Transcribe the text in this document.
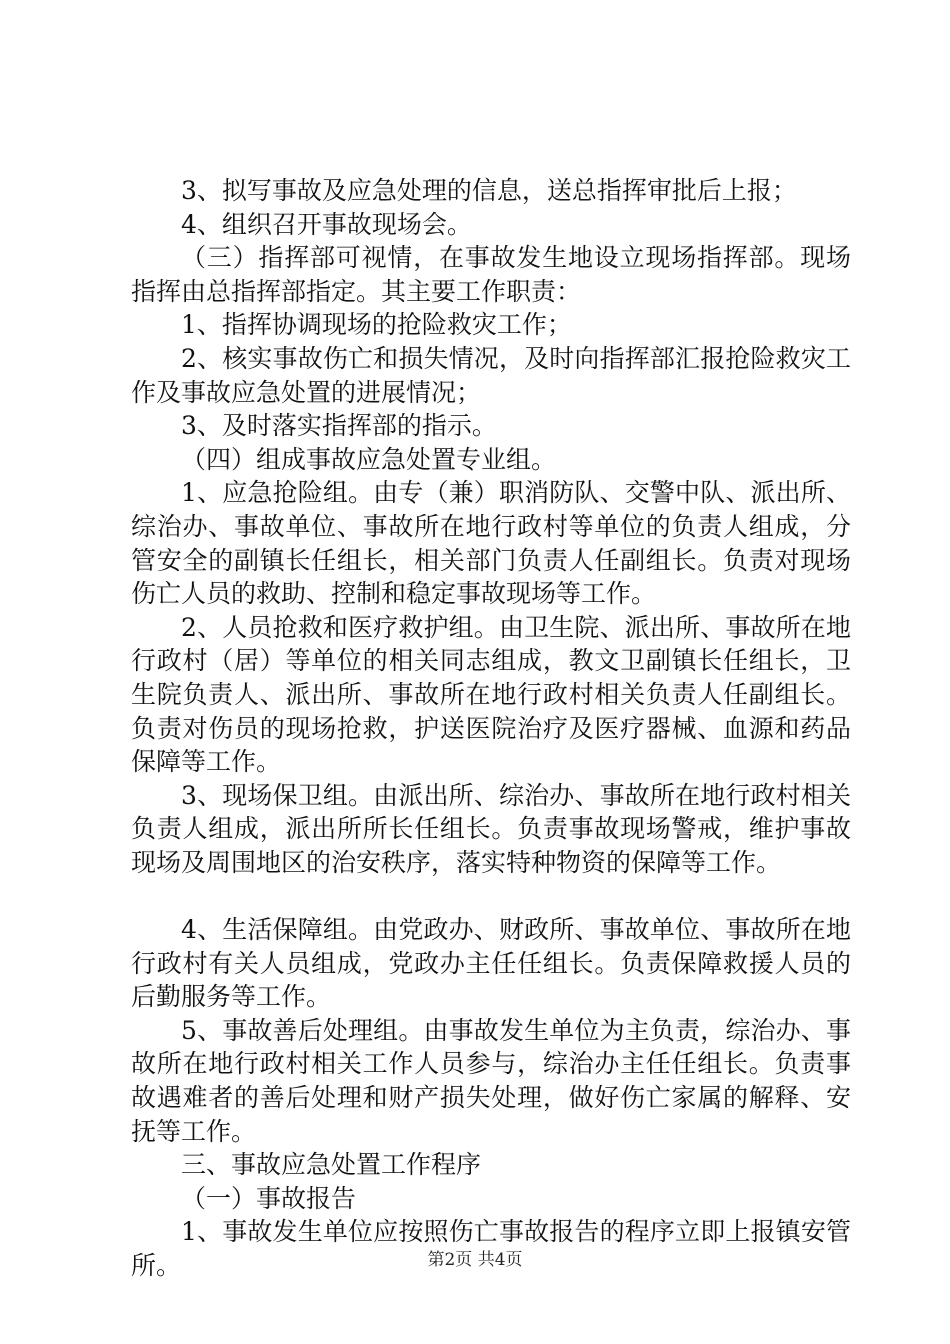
3、拟写事故及应急处理的信息，送总指挥审批后上报；

4、组织召开事故现场会。

（三）指挥部可视情，在事故发生地设立现场指挥部。现场指挥由总指挥部指定。其主要工作职责：

1、指挥协调现场的抢险救灾工作；

2、核实事故伤亡和损失情况，及时向指挥部汇报抢险救灾工作及事故应急处置的进展情况；

3、及时落实指挥部的指示。

（四）组成事故应急处置专业组。

1、应急抢险组。由专（兼）职消防队、交警中队、派出所、综治办、事故单位、事故所在地行政村等单位的负责人组成，分管安全的副镇长任组长，相关部门负责人任副组长。负责对现场伤亡人员的救助、控制和稳定事故现场等工作。

2、人员抢救和医疗救护组。由卫生院、派出所、事故所在地行政村（居）等单位的相关同志组成，教文卫副镇长任组长，卫生院负责人、派出所、事故所在地行政村相关负责人任副组长。负责对伤员的现场抢救，护送医院治疗及医疗器械、血源和药品保障等工作。

3、现场保卫组。由派出所、综治办、事故所在地行政村相关负责人组成，派出所所长任组长。负责事故现场警戒，维护事故现场及周围地区的治安秩序，落实特种物资的保障等工作。

4、生活保障组。由党政办、财政所、事故单位、事故所在地行政村有关人员组成，党政办主任任组长。负责保障救援人员的后勤服务等工作。

5、事故善后处理组。由事故发生单位为主负责，综治办、事故所在地行政村相关工作人员参与，综治办主任任组长。负责事故遇难者的善后处理和财产损失处理，做好伤亡家属的解释、安抚等工作。

三、事故应急处置工作程序

（一）事故报告

1、事故发生单位应按照伤亡事故报告的程序立即上报镇安管所。	第2页 共4页
